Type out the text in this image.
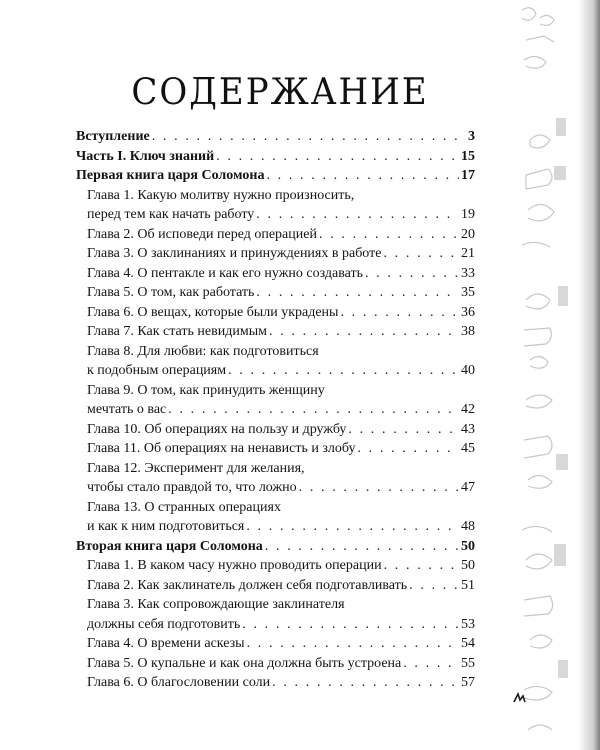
СОДЕРЖАНИЕ
Вступление . . .	3
Часть I. Ключ знаний . . .	15
Первая книга царя Соломона . . .	17
Глава 1. Какую молитву нужно произносить,
перед тем как начать работу . . .	19
Глава 2. Об исповеди перед операцией . . .	20
Глава 3. О заклинаниях и принуждениях в работе . . .	21
Глава 4. О пентакле и как его нужно создавать . . .	33
Глава 5. О том, как работать . . .	35
Глава 6. О вещах, которые были украдены . . .	36
Глава 7. Как стать невидимым . . .	38
Глава 8. Для любви: как подготовиться
к подобным операциям . . .	40
Глава 9. О том, как принудить женщину
мечтать о вас . . .	42
Глава 10. Об операциях на пользу и дружбу . . .	43
Глава 11. Об операциях на ненависть и злобу . . .	45
Глава 12. Эксперимент для желания,
чтобы стало правдой то, что ложно . . .	47
Глава 13. О странных операциях
и как к ним подготовиться . . .	48
Вторая книга царя Соломона . . .	50
Глава 1. В каком часу нужно проводить операции . . .	50
Глава 2. Как заклинатель должен себя подготавливать . . .	51
Глава 3. Как сопровождающие заклинателя
должны себя подготовить . . .	53
Глава 4. О времени аскезы . . .	54
Глава 5. О купальне и как она должна быть устроена . . .	55
Глава 6. О благословении соли . . .	57
